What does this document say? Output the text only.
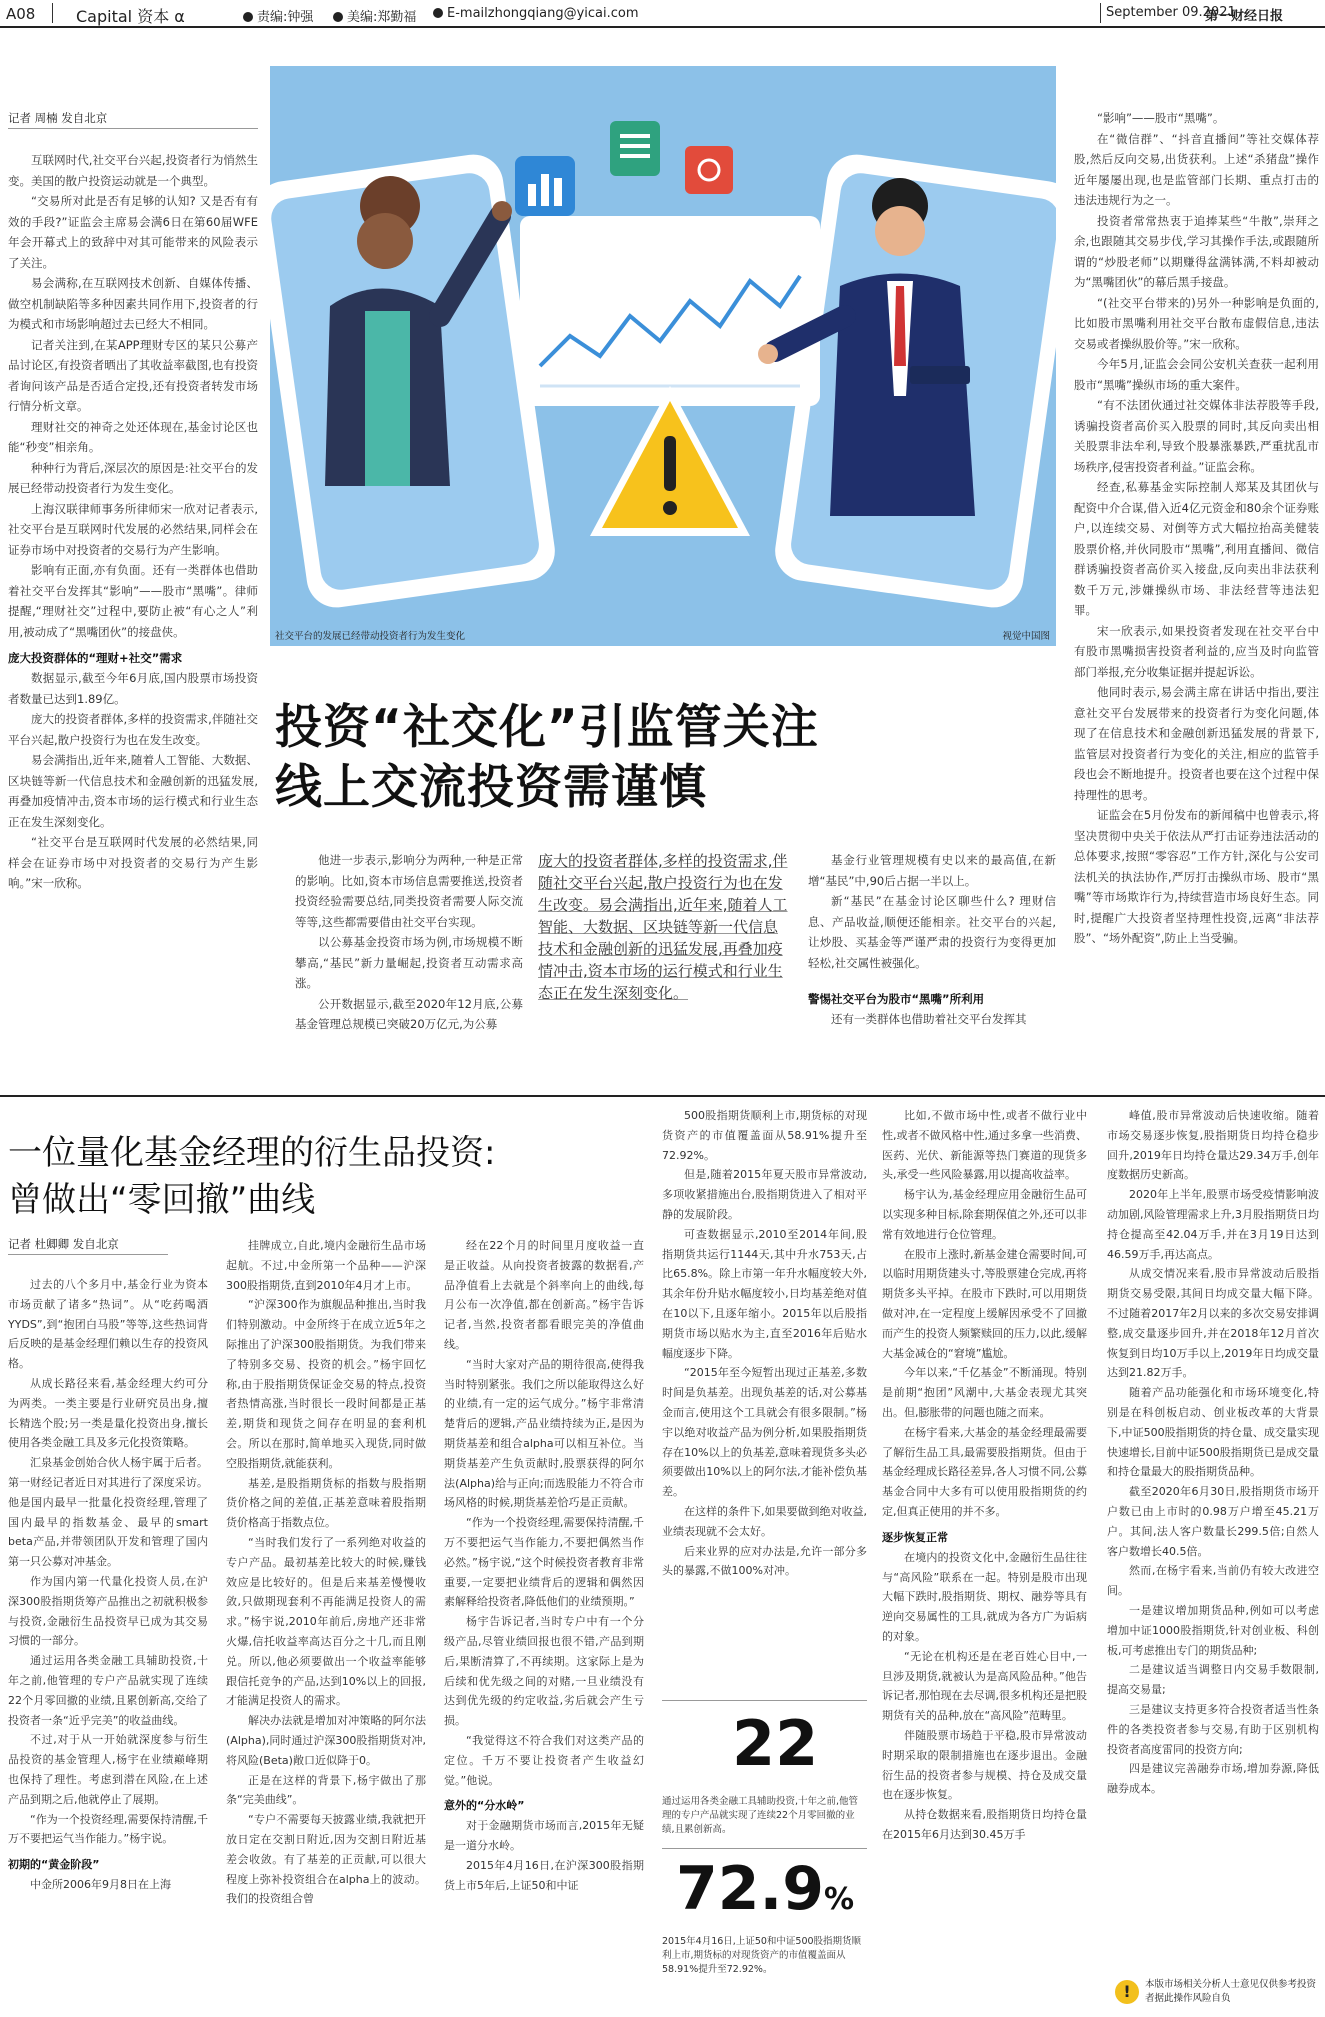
A08	Capital 资本 α	责编:钟强	美编:郑勤福	E-mailzhongqiang@yicai.com	September 09.2021
第一财经日报
记者 周楠 发自北京

互联网时代,社交平台兴起,投资者行为悄然生变。美国的散户投资运动就是一个典型。

“交易所对此是否有足够的认知? 又是否有有效的手段?”证监会主席易会满6日在第60届WFE年会开幕式上的致辞中对其可能带来的风险表示了关注。

易会满称,在互联网技术创新、自媒体传播、做空机制缺陷等多种因素共同作用下,投资者的行为模式和市场影响超过去已经大不相同。

记者关注到,在某APP理财专区的某只公募产品讨论区,有投资者晒出了其收益率截图,也有投资者询问该产品是否适合定投,还有投资者转发市场行情分析文章。

理财社交的神奇之处还体现在,基金讨论区也能“秒变”相亲角。

种种行为背后,深层次的原因是:社交平台的发展已经带动投资者行为发生变化。

上海汉联律师事务所律师宋一欣对记者表示,社交平台是互联网时代发展的必然结果,同样会在证券市场中对投资者的交易行为产生影响。

影响有正面,亦有负面。还有一类群体也借助着社交平台发挥其“影响”——股市“黑嘴”。律师提醒,“理财社交”过程中,要防止被“有心之人”利用,被动成了“黑嘴团伙”的接盘侠。

庞大投资群体的“理财+社交”需求

数据显示,截至今年6月底,国内股票市场投资者数量已达到1.89亿。

庞大的投资者群体,多样的投资需求,伴随社交平台兴起,散户投资行为也在发生改变。

易会满指出,近年来,随着人工智能、大数据、区块链等新一代信息技术和金融创新的迅猛发展,再叠加疫情冲击,资本市场的运行模式和行业生态正在发生深刻变化。

“社交平台是互联网时代发展的必然结果,同样会在证券市场中对投资者的交易行为产生影响。”宋一欣称。

社交平台的发展已经带动投资者行为发生变化	视觉中国图
投资“社交化”引监管关注
线上交流投资需谨慎

他进一步表示,影响分为两种,一种是正常的影响。比如,资本市场信息需要推送,投资者投资经验需要总结,同类投资者需要人际交流等等,这些都需要借由社交平台实现。

以公募基金投资市场为例,市场规模不断攀高,“基民”新力量崛起,投资者互动需求高涨。

公开数据显示,截至2020年12月底,公募基金管理总规模已突破20万亿元,为公募

庞大的投资者群体,多样的投资需求,伴随社交平台兴起,散户投资行为也在发生改变。易会满指出,近年来,随着人工智能、大数据、区块链等新一代信息技术和金融创新的迅猛发展,再叠加疫情冲击,资本市场的运行模式和行业生态正在发生深刻变化。

基金行业管理规模有史以来的最高值,在新增“基民”中,90后占据一半以上。

新“基民”在基金讨论区聊些什么? 理财信息、产品收益,顺便还能相亲。社交平台的兴起,让炒股、买基金等严谨严肃的投资行为变得更加轻松,社交属性被强化。

警惕社交平台为股市“黑嘴”所利用

还有一类群体也借助着社交平台发挥其

“影响”——股市“黑嘴”。

在“微信群”、“抖音直播间”等社交媒体荐股,然后反向交易,出货获利。上述“杀猪盘”操作近年屡屡出现,也是监管部门长期、重点打击的违法违规行为之一。

投资者常常热衷于追捧某些“牛散”,崇拜之余,也跟随其交易步伐,学习其操作手法,或跟随所谓的“炒股老师”以期赚得盆满钵满,不料却被动为“黑嘴团伙”的幕后黑手接盘。

“(社交平台带来的)另外一种影响是负面的,比如股市黑嘴利用社交平台散布虚假信息,违法交易或者操纵股价等。”宋一欣称。

今年5月,证监会会同公安机关查获一起利用股市“黑嘴”操纵市场的重大案件。

“有不法团伙通过社交媒体非法荐股等手段,诱骗投资者高价买入股票的同时,其反向卖出相关股票非法牟利,导致个股暴涨暴跌,严重扰乱市场秩序,侵害投资者利益。”证监会称。

经查,私募基金实际控制人郑某及其团伙与配资中介合谋,借入近4亿元资金和80余个证券账户,以连续交易、对倒等方式大幅拉抬高美健装股票价格,并伙同股市“黑嘴”,利用直播间、微信群诱骗投资者高价买入接盘,反向卖出非法获利数千万元,涉嫌操纵市场、非法经营等违法犯罪。

宋一欣表示,如果投资者发现在社交平台中有股市黑嘴损害投资者利益的,应当及时向监管部门举报,充分收集证据并提起诉讼。

他同时表示,易会满主席在讲话中指出,要注意社交平台发展带来的投资者行为变化问题,体现了在信息技术和金融创新迅猛发展的背景下,监管层对投资者行为变化的关注,相应的监管手段也会不断地提升。投资者也要在这个过程中保持理性的思考。

证监会在5月份发布的新闻稿中也曾表示,将坚决贯彻中央关于依法从严打击证券违法活动的总体要求,按照“零容忍”工作方针,深化与公安司法机关的执法协作,严厉打击操纵市场、股市“黑嘴”等市场欺诈行为,持续营造市场良好生态。同时,提醒广大投资者坚持理性投资,远离“非法荐股”、“场外配资”,防止上当受骗。

一位量化基金经理的衍生品投资:
曾做出“零回撤”曲线
记者 杜卿卿 发自北京

过去的八个多月中,基金行业为资本市场贡献了诸多“热词”。从“吃药喝酒YYDS”,到“抱团白马股”等等,这些热词背后反映的是基金经理们赖以生存的投资风格。

从成长路径来看,基金经理大约可分为两类。一类主要是行业研究员出身,擅长精选个股;另一类是量化投资出身,擅长使用各类金融工具及多元化投资策略。

汇泉基金创始合伙人杨宇属于后者。第一财经记者近日对其进行了深度采访。他是国内最早一批量化投资经理,管理了国内最早的指数基金、最早的smart beta产品,并带领团队开发和管理了国内第一只公募对冲基金。

作为国内第一代量化投资人员,在沪深300股指期货筹产品推出之初就积极参与投资,金融衍生品投资早已成为其交易习惯的一部分。

通过运用各类金融工具辅助投资,十年之前,他管理的专户产品就实现了连续22个月零回撤的业绩,且累创新高,交给了投资者一条“近乎完美”的收益曲线。

不过,对于从一开始就深度参与衍生品投资的基金管理人,杨宇在业绩巅峰期也保持了理性。考虑到潜在风险,在上述产品到期之后,他就停止了展期。

“作为一个投资经理,需要保持清醒,千万不要把运气当作能力。”杨宇说。

初期的“黄金阶段”

中金所2006年9月8日在上海

挂牌成立,自此,境内金融衍生品市场起航。不过,中金所第一个品种——沪深300股指期货,直到2010年4月才上市。

“沪深300作为旗舰品种推出,当时我们特别激动。中金所终于在成立近5年之际推出了沪深300股指期货。为我们带来了特别多交易、投资的机会。”杨宇回忆称,由于股指期货保证金交易的特点,投资者热情高涨,当时很长一段时间都是正基差,期货和现货之间存在明显的套利机会。所以在那时,简单地买入现货,同时做空股指期货,就能获利。

基差,是股指期货标的指数与股指期货价格之间的差值,正基差意味着股指期货价格高于指数点位。

“当时我们发行了一系列绝对收益的专户产品。最初基差比较大的时候,赚钱效应是比较好的。但是后来基差慢慢收敛,只做期现套利不再能满足投资人的需求。”杨宇说,2010年前后,房地产还非常火爆,信托收益率高达百分之十几,而且刚兑。所以,他必须要做出一个收益率能够跟信托竞争的产品,达到10%以上的回报,才能满足投资人的需求。

解决办法就是增加对冲策略的阿尔法(Alpha),同时通过沪深300股指期货对冲,将风险(Beta)敞口近似降于0。

正是在这样的背景下,杨宇做出了那条“完美曲线”。

“专户不需要每天披露业绩,我就把开放日定在交割日附近,因为交割日附近基差会收敛。有了基差的正贡献,可以很大程度上弥补投资组合在alpha上的波动。我们的投资组合曾

经在22个月的时间里月度收益一直是正收益。从向投资者披露的数据看,产品净值看上去就是个斜率向上的曲线,每月公布一次净值,都在创新高。”杨宇告诉记者,当然,投资者都看眼完美的净值曲线。

“当时大家对产品的期待很高,使得我当时特别紧张。我们之所以能取得这么好的业绩,有一定的运气成分。”杨宇非常清楚背后的逻辑,产品业绩持续为正,是因为期货基差和组合alpha可以相互补位。当期货基差产生负贡献时,股票获得的阿尔法(Alpha)给与正向;而选股能力不符合市场风格的时候,期货基差恰巧是正贡献。

“作为一个投资经理,需要保持清醒,千万不要把运气当作能力,不要把偶然当作必然。”杨宇说,“这个时候投资者教育非常重要,一定要把业绩背后的逻辑和偶然因素解释给投资者,降低他们的业绩预期。”

杨宇告诉记者,当时专户中有一个分级产品,尽管业绩回报也很不错,产品到期后,果断清算了,不再续期。这家际上是为后续和优先级之间的对赌,一旦业绩没有达到优先级的约定收益,劣后就会产生亏损。

“我觉得这不符合我们对这类产品的定位。千万不要让投资者产生收益幻觉。”他说。

意外的“分水岭”

对于金融期货市场而言,2015年无疑是一道分水岭。

2015年4月16日,在沪深300股指期货上市5年后,上证50和中证

500股指期货顺利上市,期货标的对现货资产的市值覆盖面从58.91%提升至72.92%。

但是,随着2015年夏天股市异常波动,多项收紧措施出台,股指期货进入了相对平静的发展阶段。

可查数据显示,2010至2014年间,股指期货共运行1144天,其中升水753天,占比65.8%。除上市第一年升水幅度较大外,其余年份升贴水幅度较小,日均基差绝对值在10以下,且逐年缩小。2015年以后股指期货市场以贴水为主,直至2016年后贴水幅度逐步下降。

“2015年至今短暂出现过正基差,多数时间是负基差。出现负基差的话,对公募基金而言,使用这个工具就会有很多限制。”杨宇以绝对收益产品为例分析,如果股指期货存在10%以上的负基差,意味着现货多头必须要做出10%以上的阿尔法,才能补偿负基差。

在这样的条件下,如果要做到绝对收益,业绩表现就不会太好。

后来业界的应对办法是,允许一部分多头的暴露,不做100%对冲。

22
通过运用各类金融工具辅助投资,十年之前,他管理的专户产品就实现了连续22个月零回撤的业绩,且累创新高。
72.9%
2015年4月16日,上证50和中证500股指期货顺利上市,期货标的对现货资产的市值覆盖面从58.91%提升至72.92%。

比如,不做市场中性,或者不做行业中性,或者不做风格中性,通过多拿一些消费、医药、光伏、新能源等热门赛道的现货多头,承受一些风险暴露,用以提高收益率。

杨宇认为,基金经理应用金融衍生品可以实现多种目标,除套期保值之外,还可以非常有效地进行仓位管理。

在股市上涨时,新基金建仓需要时间,可以临时用期货建头寸,等股票建仓完成,再将期货多头平掉。在股市下跌时,可以用期货做对冲,在一定程度上缓解因承受不了回撤而产生的投资人频繁赎回的压力,以此,缓解大基金减仓的“窘境”尴尬。

今年以来,“千亿基金”不断涌现。特别是前期“抱团”风潮中,大基金表现尤其突出。但,膨胀带的问题也随之而来。

在杨宇看来,大基金的基金经理最需要了解衍生品工具,最需要股指期货。但由于基金经理成长路径差异,各人习惯不同,公募基金合同中大多有可以使用股指期货的约定,但真正使用的并不多。

逐步恢复正常

在境内的投资文化中,金融衍生品往往与“高风险”联系在一起。特别是股市出现大幅下跌时,股指期货、期权、融券等具有逆向交易属性的工具,就成为各方广为诟病的对象。

“无论在机构还是在老百姓心目中,一旦涉及期货,就被认为是高风险品种。”他告诉记者,那怕现在去尽调,很多机构还是把股期货有关的品种,放在“高风险”范畴里。

伴随股票市场趋于平稳,股市异常波动时期采取的限制措施也在逐步退出。金融衍生品的投资者参与规模、持仓及成交量也在逐步恢复。

从持仓数据来看,股指期货日均持仓量在2015年6月达到30.45万手

峰值,股市异常波动后快速收缩。随着市场交易逐步恢复,股指期货日均持仓稳步回升,2019年日均持仓量达29.34万手,创年度数据历史新高。

2020年上半年,股票市场受疫情影响波动加剧,风险管理需求上升,3月股指期货日均持仓提高至42.04万手,并在3月19日达到46.59万手,再达高点。

从成交情况来看,股市异常波动后股指期货交易受限,其间日均成交量大幅下降。不过随着2017年2月以来的多次交易安排调整,成交量逐步回升,并在2018年12月首次恢复到日均10万手以上,2019年日均成交量达到21.82万手。

随着产品功能强化和市场环境变化,特别是在科创板启动、创业板改革的大背景下,中证500股指期货的持仓量、成交量实现快速增长,目前中证500股指期货已是成交量和持仓量最大的股指期货品种。

截至2020年6月30日,股指期货市场开户数已由上市时的0.98万户增至45.21万户。其间,法人客户数量长299.5倍;自然人客户数增长40.5倍。

然而,在杨宇看来,当前仍有较大改进空间。

一是建议增加期货品种,例如可以考虑增加中证1000股指期货,针对创业板、科创板,可考虑推出专门的期货品种;

二是建议适当调整日内交易手数限制,提高交易量;

三是建议支持更多符合投资者适当性条件的各类投资者参与交易,有助于区别机构投资者高度雷同的投资方向;

四是建议完善融券市场,增加券源,降低融券成本。

!	本版市场相关分析人士意见仅供参考投资者据此操作风险自负
